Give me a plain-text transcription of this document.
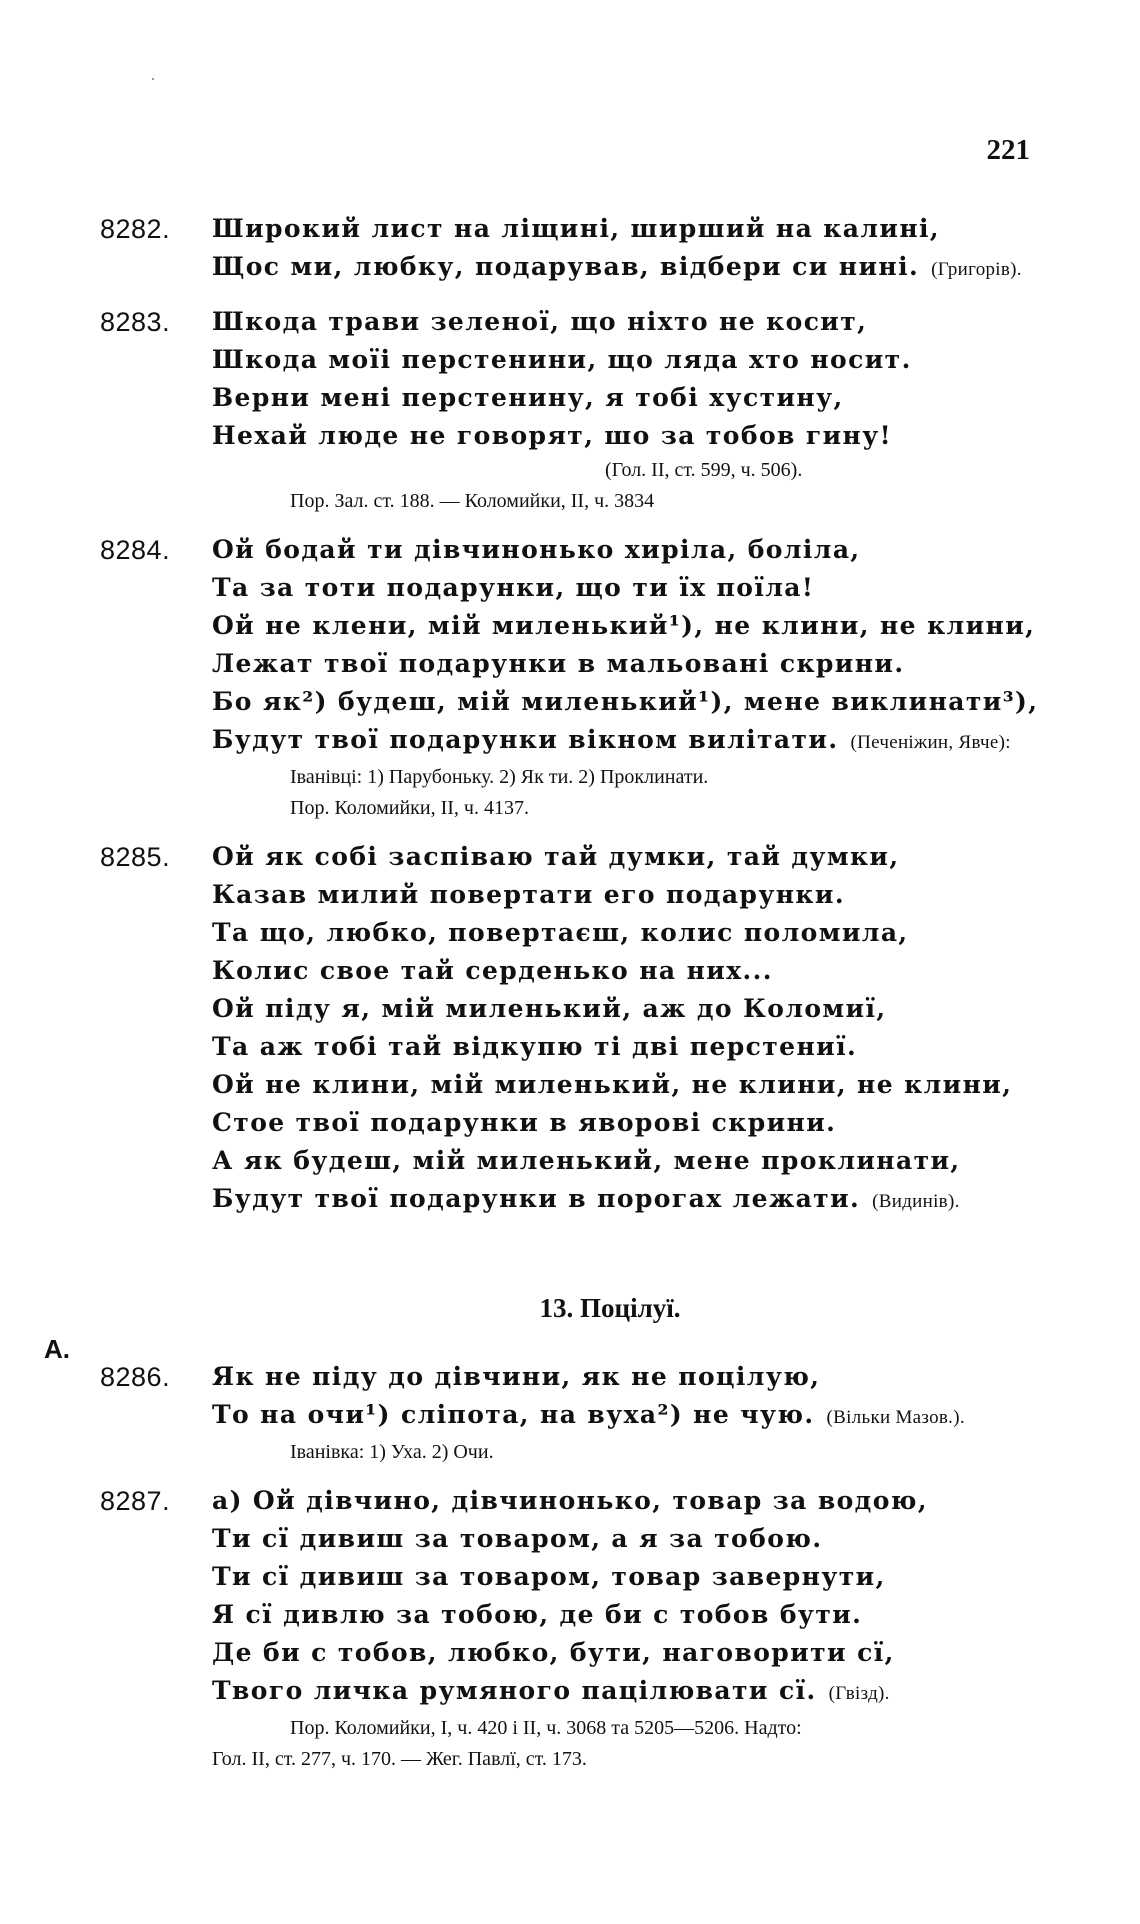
221
8282.	Широкий лист на ліщині, ширший на калині,
Щос ми, любку, подарував, відбери си нині. (Григорів).
8283.	Шкода трави зеленої, що ніхто не косит,
Шкода моїі перстенини, що ляда хто носит.
Верни мені перстенину, я тобі хустину,
Нехай люде не говорят, шо за тобов гину!
(Гол. II, ст. 599, ч. 506).
Пор. Зал. ст. 188. — Коломийки, II, ч. 3834
8284.	Ой бодай ти дівчинонько хиріла, боліла,
Та за тоти подарунки, що ти їх поїла!
Ой не клени, мій миленький¹), не клини, не клини,
Лежат твої подарунки в мальовані скрини.
Бо як²) будеш, мій миленький¹), мене виклинати³),
Будут твої подарунки вікном вилітати. (Печеніжин, Явче):
Іванівці: 1) Парубоньку. 2) Як ти. 2) Проклинати.
Пор. Коломийки, II, ч. 4137.
8285.	Ой як собі заспіваю тай думки, тай думки,
Казав милий повертати его подарунки.
Та що, любко, повертаєш, колис поломила,
Колис свое тай серденько на них...
Ой піду я, мій миленький, аж до Коломиї,
Та аж тобі тай відкупю ті дві перстениї.
Ой не клини, мій миленький, не клини, не клини,
Стое твої подарунки в яворові скрини.
А як будеш, мій миленький, мене проклинати,
Будут твої подарунки в порогах лежати. (Видинів).
13. Поцілуї.
А.
8286.	Як не піду до дівчини, як не поцілую,
То на очи¹) сліпота, на вуха²) не чую. (Вільки Мазов.).
Іванівка: 1) Уха. 2) Очи.
8287.	а) Ой дівчино, дівчинонько, товар за водою,
Ти сї дивиш за товаром, а я за тобою.
Ти сї дивиш за товаром, товар завернути,
Я сї дивлю за тобою, де би с тобов бути.
Де би с тобов, любко, бути, наговорити сї,
Твого личка румяного пацілювати сї. (Гвізд).
Пор. Коломийки, I, ч. 420 і II, ч. 3068 та 5205—5206. Надто:
Гол. II, ст. 277, ч. 170. — Жег. Павлї, ст. 173.
